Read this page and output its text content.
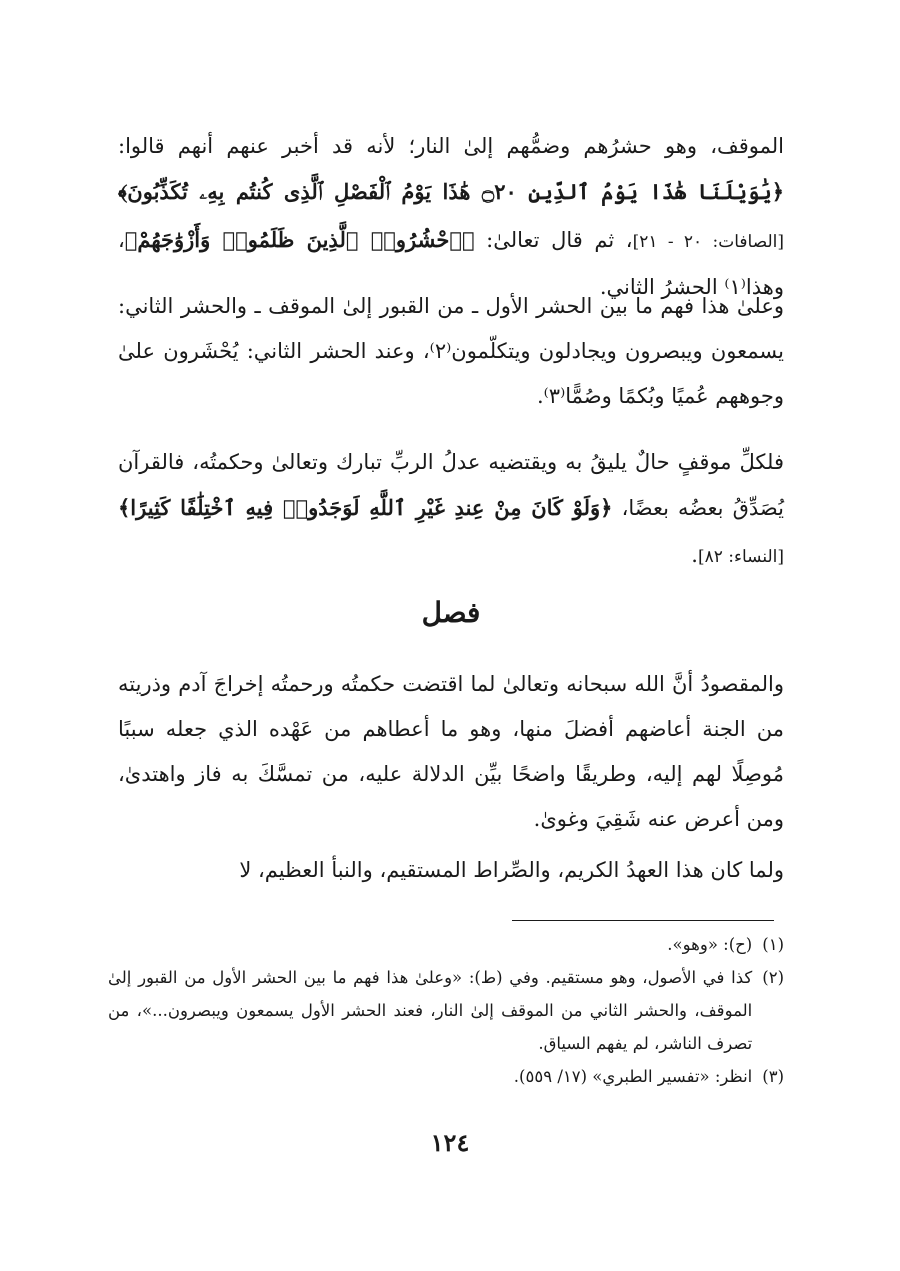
الموقف، وهو حشرُهم وضمُّهم إلىٰ النار؛ لأنه قد أخبر عنهم أنهم قالوا: ﴿يَٰوَيْلَنَا هَٰذَا يَوْمُ ٱلدِّينِ ۝٢٠ هَٰذَا يَوْمُ ٱلْفَصْلِ ٱلَّذِى كُنتُم بِهِۦ تُكَذِّبُونَ﴾ [الصافات: ٢٠ - ٢١]، ثم قال تعالىٰ: ﴿ٱحْشُرُوا۟ ٱلَّذِينَ ظَلَمُوا۟ وَأَزْوَٰجَهُمْ﴾، وهذا⁽١⁾ الحشرُ الثاني.

وعلىٰ هذا فهم ما بين الحشر الأول ـ من القبور إلىٰ الموقف ـ والحشر الثاني: يسمعون ويبصرون ويجادلون ويتكلّمون⁽٢⁾، وعند الحشر الثاني: يُحْشَرون علىٰ وجوههم عُميًا وبُكمًا وصُمًّا⁽٣⁾.

فلكلِّ موقفٍ حالٌ يليقُ به ويقتضيه عدلُ الربِّ تبارك وتعالىٰ وحكمتُه، فالقرآن يُصَدِّقُ بعضُه بعضًا، ﴿وَلَوْ كَانَ مِنْ عِندِ غَيْرِ ٱللَّهِ لَوَجَدُوا۟ فِيهِ ٱخْتِلَٰفًا كَثِيرًا﴾ [النساء: ٨٢].

فصل

والمقصودُ أنَّ الله سبحانه وتعالىٰ لما اقتضت حكمتُه ورحمتُه إخراجَ آدم وذريته من الجنة أعاضهم أفضلَ منها، وهو ما أعطاهم من عَهْده الذي جعله سببًا مُوصِلًا لهم إليه، وطريقًا واضحًا بيِّن الدلالة عليه، من تمسَّكَ به فاز واهتدىٰ، ومن أعرض عنه شَقِيَ وغوىٰ.

ولما كان هذا العهدُ الكريم، والصِّراط المستقيم، والنبأ العظيم، لا

(١)
(ح): «وهو».
(٢)
كذا في الأصول، وهو مستقيم. وفي (ط): «وعلىٰ هذا فهم ما بين الحشر الأول من القبور إلىٰ الموقف، والحشر الثاني من الموقف إلىٰ النار، فعند الحشر الأول يسمعون ويبصرون...»، من تصرف الناشر، لم يفهم السياق.
(٣)
انظر: «تفسير الطبري» (١٧/ ٥٥٩).

١٢٤
